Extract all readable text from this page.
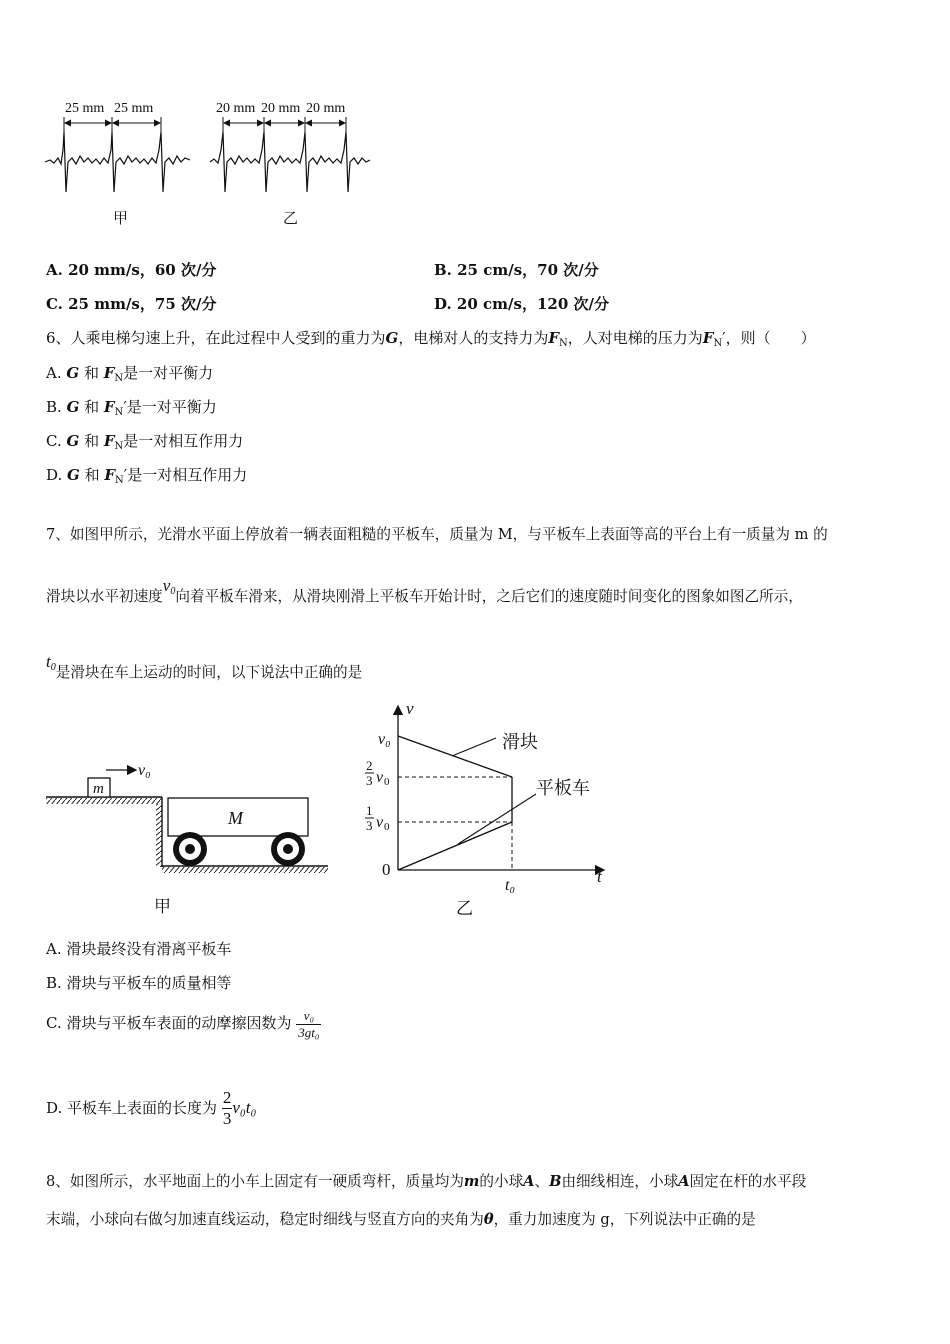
25 mm 25 mm	20 mm 20 mm 20 mm
甲	乙
A. 20 mm/s，60 次/分	B. 25 cm/s，70 次/分
C. 25 mm/s，75 次/分	D. 20 cm/s，120 次/分
6、人乘电梯匀速上升，在此过程中人受到的重力为G，电梯对人的支持力为$F_N$，人对电梯的压力为$F_N'$，则（　　）
A. G 和 $F_N$是一对平衡力
B. G 和 $F_N'$是一对平衡力
C. G 和 $F_N$是一对相互作用力
D. G 和 $F_N'$是一对相互作用力
7、如图甲所示，光滑水平面上停放着一辆表面粗糙的平板车，质量为 M，与平板车上表面等高的平台上有一质量为 m 的
滑块以水平初速度$v_0$向着平板车滑来，从滑块刚滑上平板车开始计时，之后它们的速度随时间变化的图象如图乙所示，
$t_0$是滑块在车上运动的时间，以下说法中正确的是
m
v₀
M
甲
v
t
0
v₀
2
3 v 0
1
3 v 0
滑块
平板车
t₀
乙
A. 滑块最终没有滑离平板车
B. 滑块与平板车的质量相等
C. 滑块与平板车表面的动摩擦因数为 $\frac{\text{v₀}}{\text{3gt₀}}$
D. 平板车上表面的长度为 $\frac{2}{3} v_0t_0$
8、如图所示，水平地面上的小车上固定有一硬质弯杆，质量均为m的小球A、B由细线相连，小球A固定在杆的水平段
末端，小球向右做匀加速直线运动，稳定时细线与竖直方向的夹角为θ，重力加速度为 g，下列说法中正确的是
